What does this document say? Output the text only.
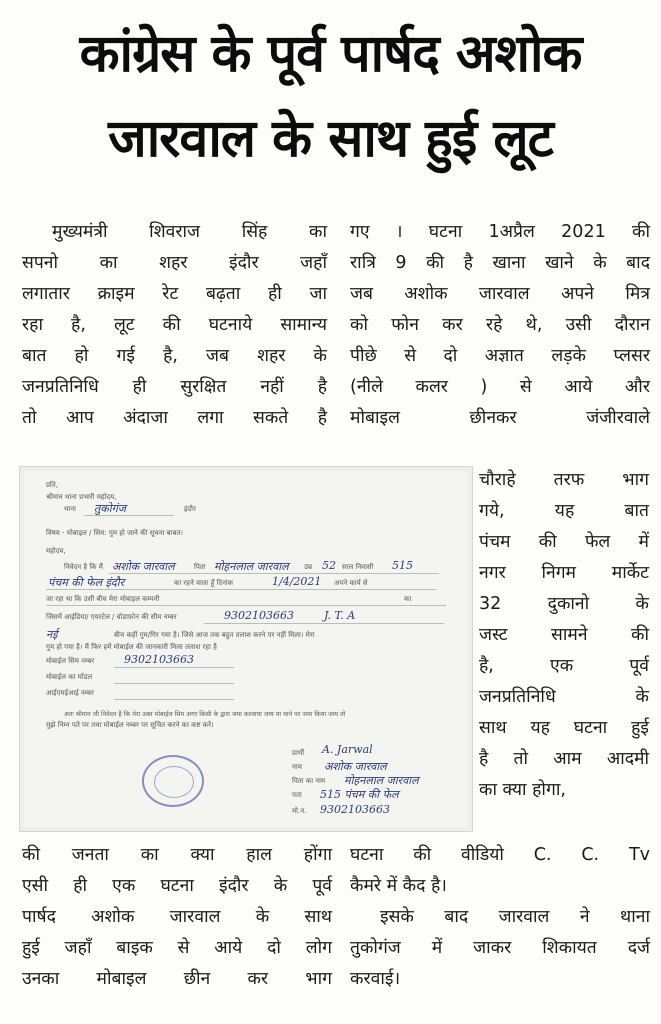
कांग्रेस के पूर्व पार्षद अशोक
जारवाल के साथ हुई लूट
मुख्यमंत्री शिवराज सिंह का
सपनो का शहर इंदौर जहाँ
लगातार क्राइम रेट बढ़ता ही जा
रहा है, लूट की घटनाये सामान्य
बात हो गई है, जब शहर के
जनप्रतिनिधि ही सुरक्षित नहीं है
तो आप अंदाजा लगा सकते है
गए । घटना 1अप्रैल 2021 की
रात्रि 9 की है खाना खाने के बाद
जब अशोक जारवाल अपने मित्र
को फोन कर रहे थे, उसी दौरान
पीछे से दो अज्ञात लड़के प्लसर
(नीले कलर ) से आये और
मोबाइल छीनकर जंजीरवाले
चौराहे तरफ भाग
गये, यह बात
पंचम की फेल में
नगर निगम मार्केट
32 दुकानो के
जस्ट सामने की
है, एक पूर्व
जनप्रतिनिधि के
साथ यह घटना हुई
है तो आम आदमी
का क्या होगा,
प्रति,
श्रीमान थाना प्रभारी महोदय,
थाना तुकोगंज	इंदौर
विषय - मोबाइल / सिम: गुम हो जाने की सूचना बाबत।
महोदय,
निवेदन है कि मैं अशोक जारवाल	पिता मोहनलाल जारवाल उम्र 52 साल निवासी 515
पंचम की फेल इंदौर	का रहने वाला हूँ दिनांक	1/4/2021 अपने कार्य से
जा रहा था कि उसी बीच मेरा मोबाइल कम्पनी	का
जिसमें आईडिया/ एयरटेल / वोडाफ़ोन की सीम नम्बर	9302103663	J. T. A
बीच कहीं गुम/गिर गया है। जिसे आज तक बहुत तलाश करने पर नहीं मिला। मेरा
नई
गुम हो गया है। मैं फिर हमें मोबाईल की जानकारी मिला तलाश रहा है
मोबाईल सिम नम्बर	9302103663
मोबाईल का मॉडल
आईएमईआई नम्बर
अतः श्रीमान जी निवेदन है कि मेरा उक्त मोबाईल सिम अगर किसी के द्वारा जमा करवाया जाय या थाने पर जमा किया जाय तो
मुझे निम्न पते पर तथा मोबाईल नम्बर पर सूचित करने का कष्ट करें।
प्रार्थी A. Jarwal
नाम अशोक जारवाल
पिता का नाम मोहनलाल जारवाल
पता 515 पंचम की फेल
मो.न. 9302103663
की जनता का क्या हाल होंगा
एसी ही एक घटना इंदौर के पूर्व
पार्षद अशोक जारवाल के साथ
हुई जहाँ बाइक से आये दो लोग
उनका मोबाइल छीन कर भाग
घटना की वीडियो C. C. Tv
कैमरे में कैद है।
इसके बाद जारवाल ने थाना
तुकोगंज में जाकर शिकायत दर्ज
करवाई।
